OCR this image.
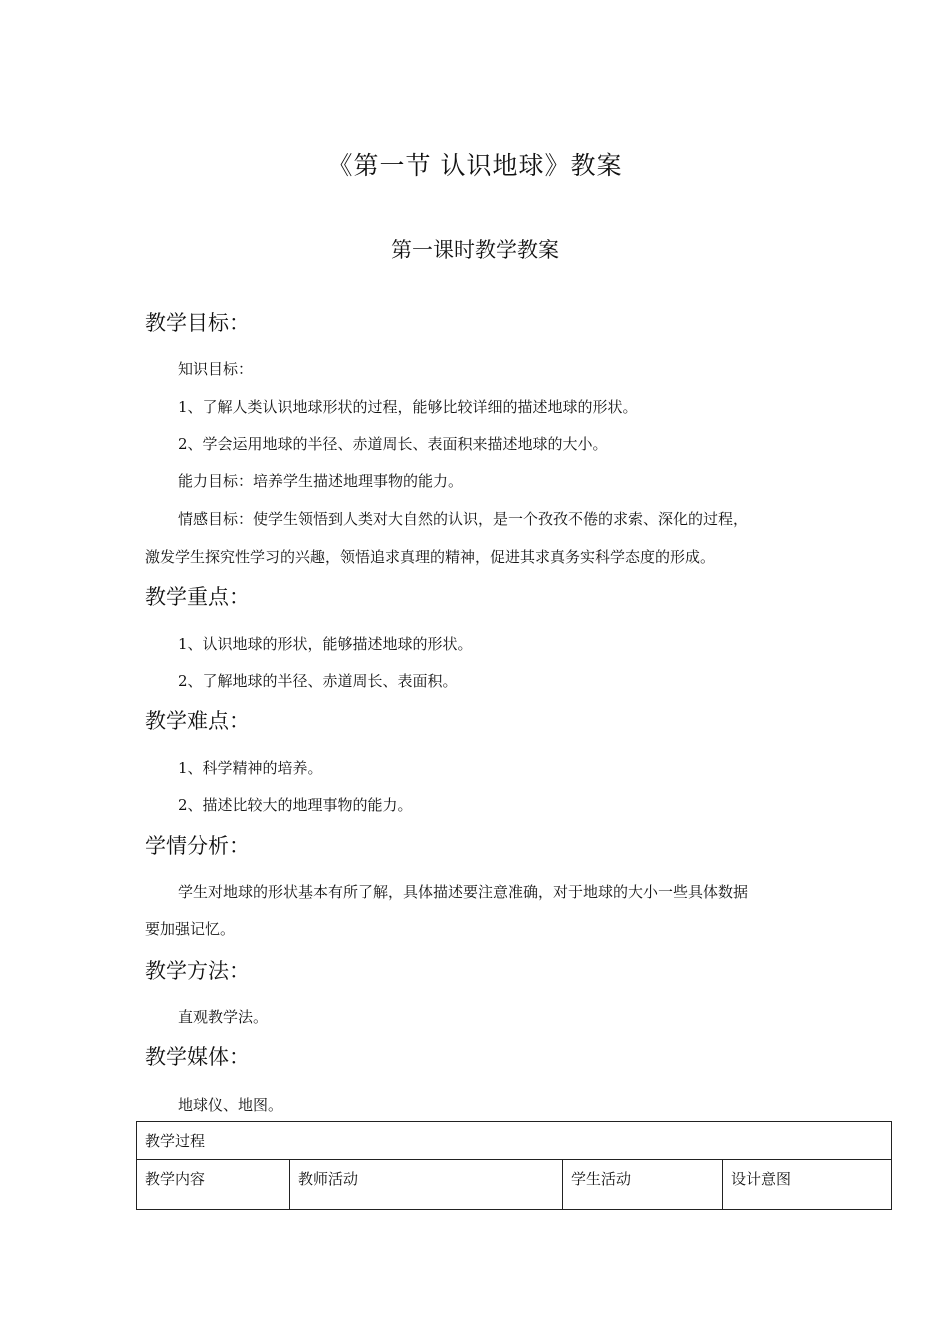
《第一节 认识地球》教案
第一课时教学教案
教学目标：
知识目标：
1、了解人类认识地球形状的过程，能够比较详细的描述地球的形状。
2、学会运用地球的半径、赤道周长、表面积来描述地球的大小。
能力目标：培养学生描述地理事物的能力。
情感目标：使学生领悟到人类对大自然的认识，是一个孜孜不倦的求索、深化的过程，
激发学生探究性学习的兴趣，领悟追求真理的精神，促进其求真务实科学态度的形成。
教学重点：
1、认识地球的形状，能够描述地球的形状。
2、了解地球的半径、赤道周长、表面积。
教学难点：
1、科学精神的培养。
2、描述比较大的地理事物的能力。
学情分析：
学生对地球的形状基本有所了解，具体描述要注意准确，对于地球的大小一些具体数据
要加强记忆。
教学方法：
直观教学法。
教学媒体：
地球仪、地图。
教学过程
教学内容	教师活动	学生活动	设计意图
